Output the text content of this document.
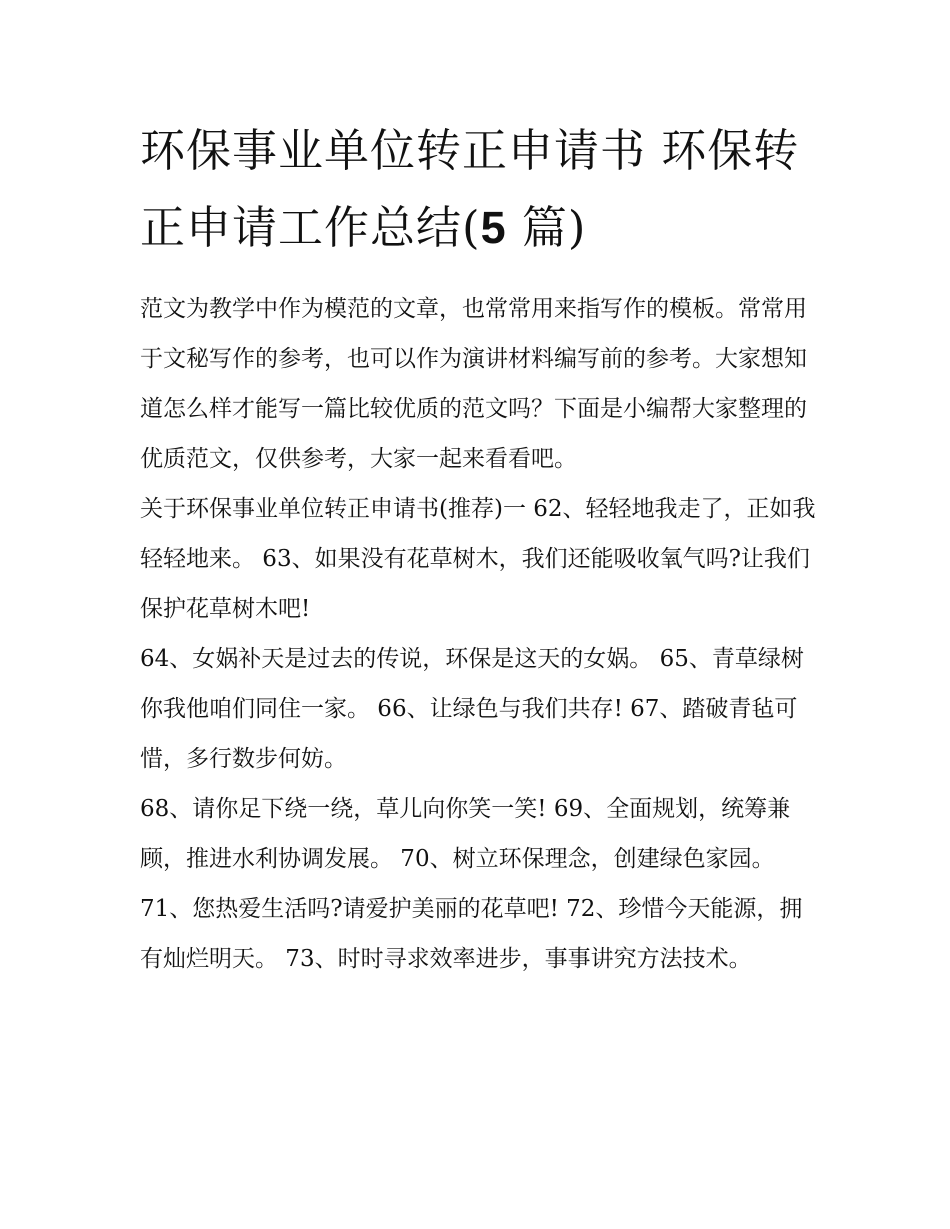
环保事业单位转正申请书 环保转正申请工作总结(5 篇)

范文为教学中作为模范的文章，也常常用来指写作的模板。常常用于文秘写作的参考，也可以作为演讲材料编写前的参考。大家想知道怎么样才能写一篇比较优质的范文吗？下面是小编帮大家整理的优质范文，仅供参考，大家一起来看看吧。

关于环保事业单位转正申请书(推荐)一 62、轻轻地我走了，正如我轻轻地来。 63、如果没有花草树木，我们还能吸收氧气吗?让我们保护花草树木吧!

64、女娲补天是过去的传说，环保是这天的女娲。 65、青草绿树你我他咱们同住一家。 66、让绿色与我们共存! 67、踏破青毡可惜，多行数步何妨。

68、请你足下绕一绕，草儿向你笑一笑! 69、全面规划，统筹兼顾，推进水利协调发展。 70、树立环保理念，创建绿色家园。

71、您热爱生活吗?请爱护美丽的花草吧! 72、珍惜今天能源，拥有灿烂明天。 73、时时寻求效率进步，事事讲究方法技术。
